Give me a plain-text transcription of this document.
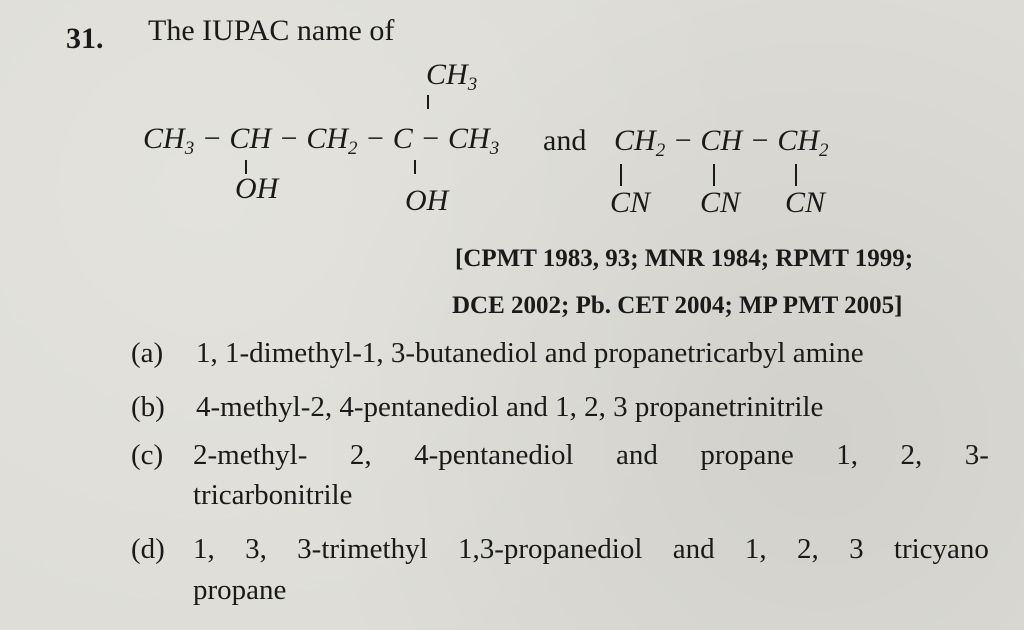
31. The IUPAC name of
$CH_3$
$CH_3$ − CH − $CH_2 - C - CH_3$
OH	OH
and $CH_2$ − CH − $CH_2$
CN CN CN
[CPMT 1983, 93; MNR 1984; RPMT 1999;
DCE 2002; Pb. CET 2004; MP PMT 2005]
(a) 1, 1-dimethyl-1, 3-butanediol and propanetricarbyl amine
(b) 4-methyl-2, 4-pentanediol and 1, 2, 3 propanetrinitrile
(c) 2-methyl- 2, 4-pentanediol and propane 1, 2, 3-
tricarbonitrile
(d) 1, 3, 3-trimethyl 1,3-propanediol and 1, 2, 3 tricyano
propane
